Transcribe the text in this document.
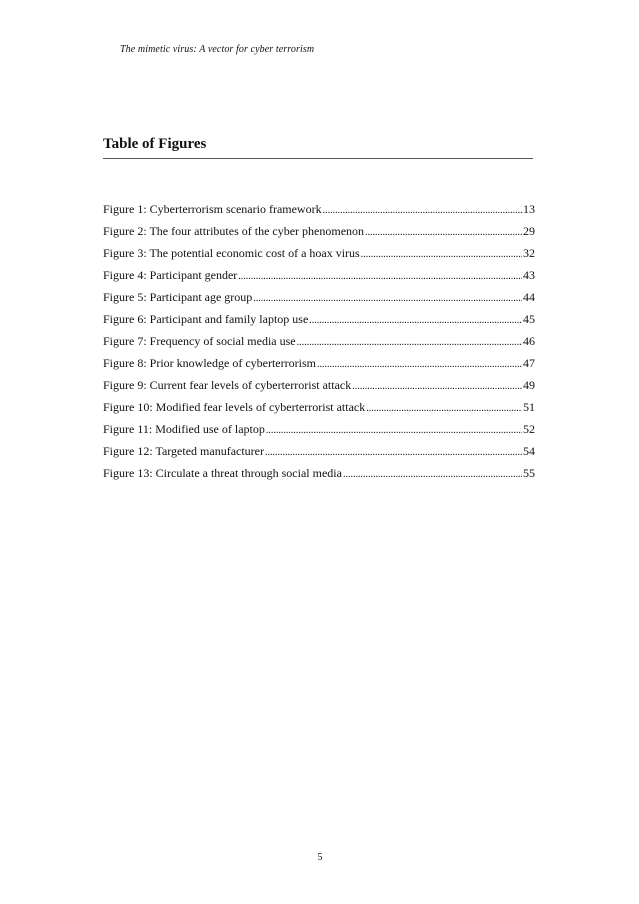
The mimetic virus: A vector for cyber terrorism
Table of Figures
Figure 1: Cyberterrorism scenario framework .....	13
Figure 2: The four attributes of the cyber phenomenon .....	29
Figure 3: The potential economic cost of a hoax virus .....	32
Figure 4: Participant gender .....	43
Figure 5: Participant age group .....	44
Figure 6: Participant and family laptop use .....	45
Figure 7: Frequency of social media use .....	46
Figure 8: Prior knowledge of cyberterrorism .....	47
Figure 9: Current fear levels of cyberterrorist attack .....	49
Figure 10: Modified fear levels of cyberterrorist attack .....	51
Figure 11: Modified use of laptop .....	52
Figure 12: Targeted manufacturer .....	54
Figure 13: Circulate a threat through social media .....	55
5
